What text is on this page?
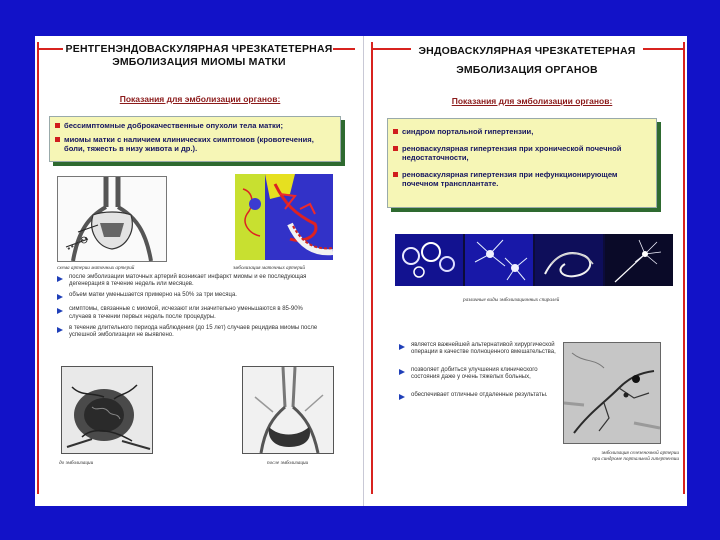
РЕНТГЕНЭНДОВАСКУЛЯРНАЯ ЧРЕЗКАТЕТЕРНАЯ
ЭМБОЛИЗАЦИЯ МИОМЫ МАТКИ
Показания для эмболизации органов:
бессимптомные доброкачественные опухоли тела матки;
миомы матки с наличием клинических симптомов (кровотечения, боли, тяжесть в низу живота и др.).
схема артерии маточных артерий	эмболизация маточных артерий
после эмболизации маточных артерий возникает инфаркт миомы и ее последующая дегенерация в течение недель или месяцев.
объем матки уменьшается примерно на 50% за три месяца.
симптомы, связанные с миомой, исчезают или значительно уменьшаются в 85-90% случаев в течении первых недель после процедуры.
в течение длительного периода наблюдения (до 15 лет) случаев рецидива миомы после успешной эмболизации не выявлено.
до эмболизации	после эмболизации
ЭНДОВАСКУЛЯРНАЯ ЧРЕЗКАТЕТЕРНАЯ
ЭМБОЛИЗАЦИЯ ОРГАНОВ
Показания для эмболизации органов:
синдром портальной гипертензии,
реноваскулярная гипертензия при хронической почечной недостаточности,
реноваскулярная гипертензия при нефункционирующем почечном трансплантате.
различные виды эмболизационных спиралей
является важнейшей альтернативой хирургической операции в качестве полноценного вмешательства,
позволяет добиться улучшения клинического состояния даже у очень тяжелых больных,
обеспечивает отличные отдаленные результаты.
эмболизация селезеночной артерии
при синдроме портальной гипертензии
